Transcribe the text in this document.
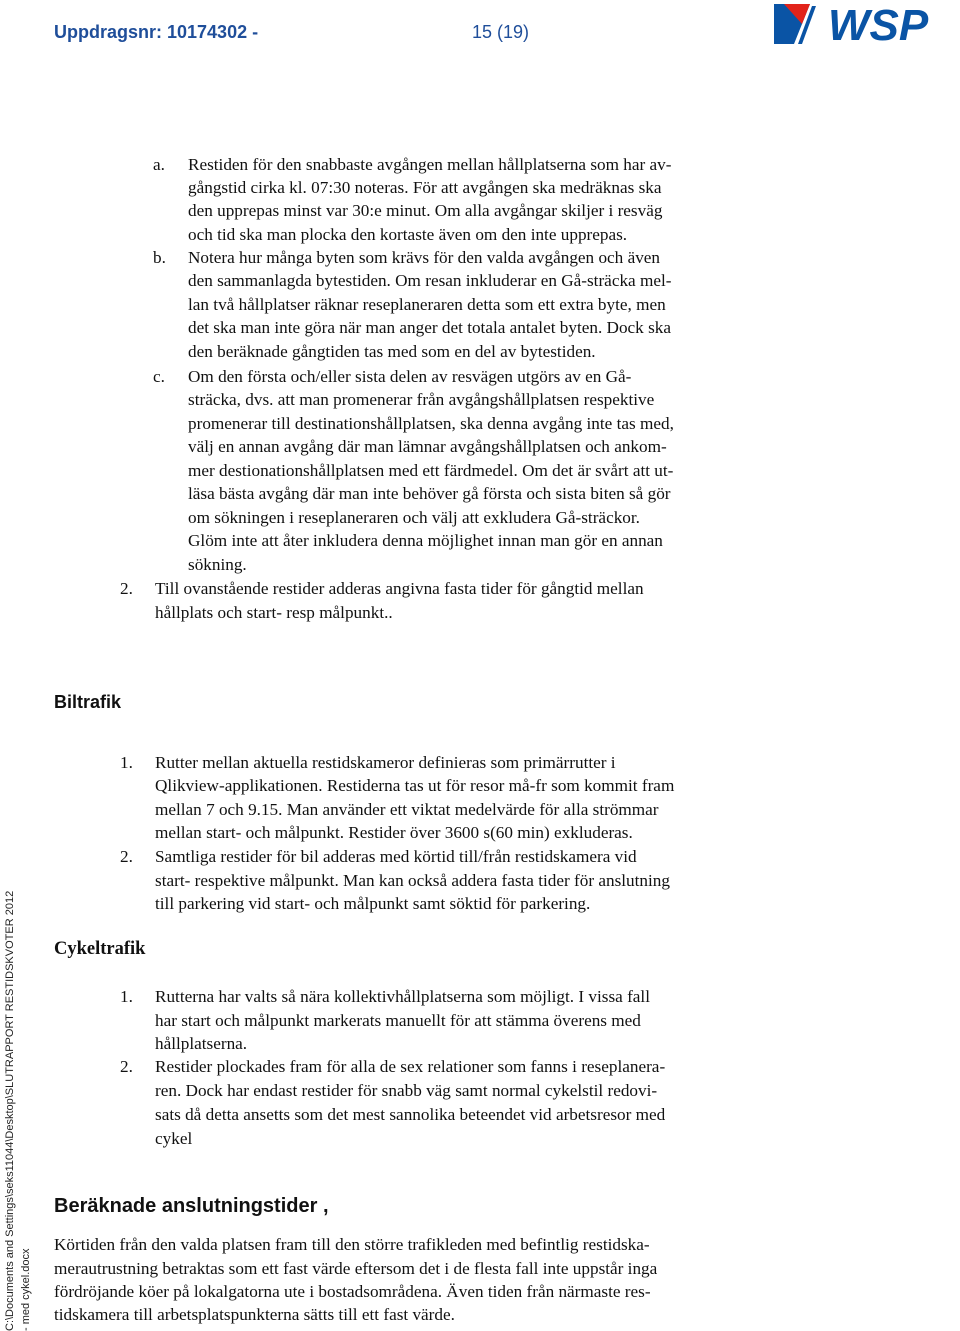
Uppdragsnr: 10174302 -	15 (19)	WSP
C:\Documents and Settings\seks11044\Desktop\SLUTRAPPORT RESTIDSKVOTER 2012 - med cykel.docx
a.
b.
c.
2.
1.
2.
1.
2.
Restiden för den snabbaste avgången mellan hållplatserna som har av-
gångstid cirka kl. 07:30 noteras. För att avgången ska medräknas ska
den upprepas minst var 30:e minut. Om alla avgångar skiljer i resväg
och tid ska man plocka den kortaste även om den inte upprepas.
Notera hur många byten som krävs för den valda avgången och även
den sammanlagda bytestiden. Om resan inkluderar en Gå-sträcka mel-
lan två hållplatser räknar reseplaneraren detta som ett extra byte, men
det ska man inte göra när man anger det totala antalet byten. Dock ska
den beräknade gångtiden tas med som en del av bytestiden.
Om den första och/eller sista delen av resvägen utgörs av en Gå-
sträcka, dvs. att man promenerar från avgångshållplatsen respektive
promenerar till destinationshållplatsen, ska denna avgång inte tas med,
välj en annan avgång där man lämnar avgångshållplatsen och ankom-
mer destionationshållplatsen med ett färdmedel. Om det är svårt att ut-
läsa bästa avgång där man inte behöver gå första och sista biten så gör
om sökningen i reseplaneraren och välj att exkludera Gå-sträckor.
Glöm inte att åter inkludera denna möjlighet innan man gör en annan
sökning.
Till ovanstående restider adderas angivna fasta tider för gångtid mellan
hållplats och start- resp målpunkt..
Biltrafik
Rutter mellan aktuella restidskameror definieras som primärrutter i
Qlikview-applikationen. Restiderna tas ut för resor må-fr som kommit fram
mellan 7 och 9.15. Man använder ett viktat medelvärde för alla strömmar
mellan start- och målpunkt. Restider över 3600 s(60 min) exkluderas.
Samtliga restider för bil adderas med körtid till/från restidskamera vid
start- respektive målpunkt. Man kan också addera fasta tider för anslutning
till parkering vid start- och målpunkt samt söktid för parkering.
Cykeltrafik
Rutterna har valts så nära kollektivhållplatserna som möjligt. I vissa fall
har start och målpunkt markerats manuellt för att stämma överens med
hållplatserna.
Restider plockades fram för alla de sex relationer som fanns i reseplanera-
ren. Dock har endast restider för snabb väg samt normal cykelstil redovi-
sats då detta ansetts som det mest sannolika beteendet vid arbetsresor med
cykel
Beräknade anslutningstider ,
Körtiden från den valda platsen fram till den större trafikleden med befintlig restidska-
merautrustning betraktas som ett fast värde eftersom det i de flesta fall inte uppstår inga
fördröjande köer på lokalgatorna ute i bostadsområdena. Även tiden från närmaste res-
tidskamera till arbetsplatspunkterna sätts till ett fast värde.
